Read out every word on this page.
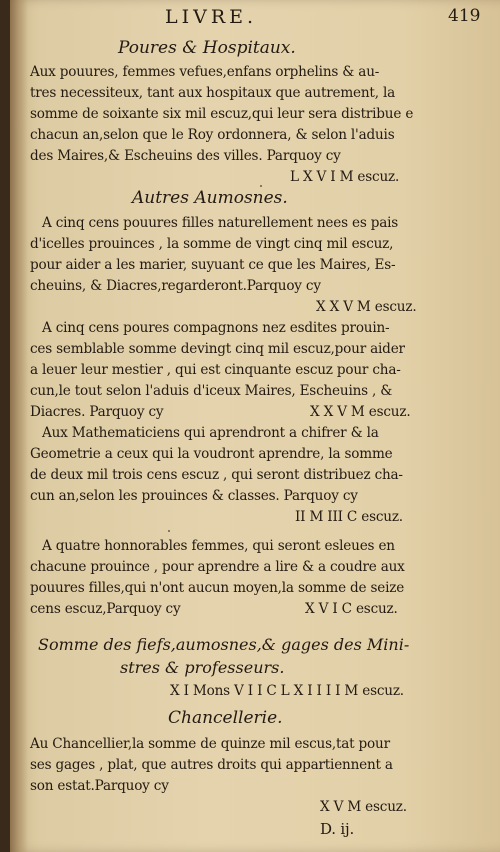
LIVRE.	419
Poures & Hospitaux.
Aux pouures, femmes vefues,enfans orphelins & au-
tres necessiteux, tant aux hospitaux que autrement, la
somme de soixante six mil escuz,qui leur sera distribue e
chacun an,selon que le Roy ordonnera, & selon l'aduis
des Maires,& Escheuins des villes. Parquoy cy
L X V I M escuz.
Autres Aumosnes.
A cinq cens pouures filles naturellement nees es pais
d'icelles prouinces , la somme de vingt cinq mil escuz,
pour aider a les marier, suyuant ce que les Maires, Es-
cheuins, & Diacres,regarderont.Parquoy cy
X X V M escuz.
A cinq cens poures compagnons nez esdites prouin-
ces semblable somme devingt cinq mil escuz,pour aider
a leuer leur mestier , qui est cinquante escuz pour cha-
cun,le tout selon l'aduis d'iceux Maires, Escheuins , &
Diacres. Parquoy cy	X X V M escuz.
Aux Mathematiciens qui aprendront a chifrer & la
Geometrie a ceux qui la voudront aprendre, la somme
de deux mil trois cens escuz , qui seront distribuez cha-
cun an,selon les prouinces & classes. Parquoy cy
II M III C escuz.
A quatre honnorables femmes, qui seront esleues en
chacune prouince , pour aprendre a lire & a coudre aux
pouures filles,qui n'ont aucun moyen,la somme de seize
cens escuz,Parquoy cy	X V I C escuz.
Somme des fiefs,aumosnes,& gages des Mini-
stres & professeurs.
X I Mons V I I C L X I I I I M escuz.
Chancellerie.
Au Chancellier,la somme de quinze mil escus,tat pour
ses gages , plat, que autres droits qui appartiennent a
son estat.Parquoy cy
X V M escuz.
D. ij.
